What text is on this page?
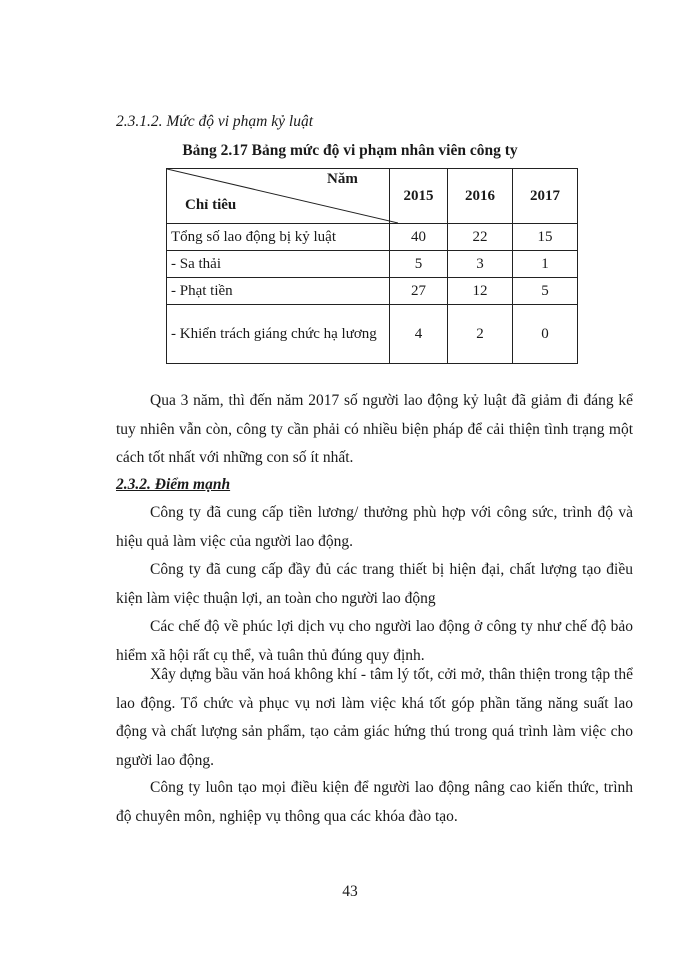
2.3.1.2. Mức độ vi phạm kỷ luật
Bảng 2.17 Bảng mức độ vi phạm nhân viên công ty
Năm
Chỉ tiêu	2015	2016	2017
Tổng số lao động bị kỷ luật	40	22	15
- Sa thải	5	3	1
- Phạt tiền	27	12	5
- Khiển trách giáng chức hạ lương	4	2	0

Qua 3 năm, thì đến năm 2017 số người lao động kỷ luật đã giảm đi đáng kể tuy nhiên vẫn còn, công ty cần phải có nhiều biện pháp để cải thiện tình trạng một cách tốt nhất với những con số ít nhất.

2.3.2. Điểm mạnh

Công ty đã cung cấp tiền lương/ thưởng phù hợp với công sức, trình độ và hiệu quả làm việc của người lao động.

Công ty đã cung cấp đầy đủ các trang thiết bị hiện đại, chất lượng tạo điều kiện làm việc thuận lợi, an toàn cho người lao động

Các chế độ về phúc lợi dịch vụ cho người lao động ở công ty như chế độ bảo hiểm xã hội rất cụ thể, và tuân thủ đúng quy định.

Xây dựng bầu văn hoá không khí - tâm lý tốt, cởi mở, thân thiện trong tập thể lao động. Tổ chức và phục vụ nơi làm việc khá tốt góp phần tăng năng suất lao động và chất lượng sản phẩm, tạo cảm giác hứng thú trong quá trình làm việc cho người lao động.

Công ty luôn tạo mọi điều kiện để người lao động nâng cao kiến thức, trình độ chuyên môn, nghiệp vụ thông qua các khóa đào tạo.

43
